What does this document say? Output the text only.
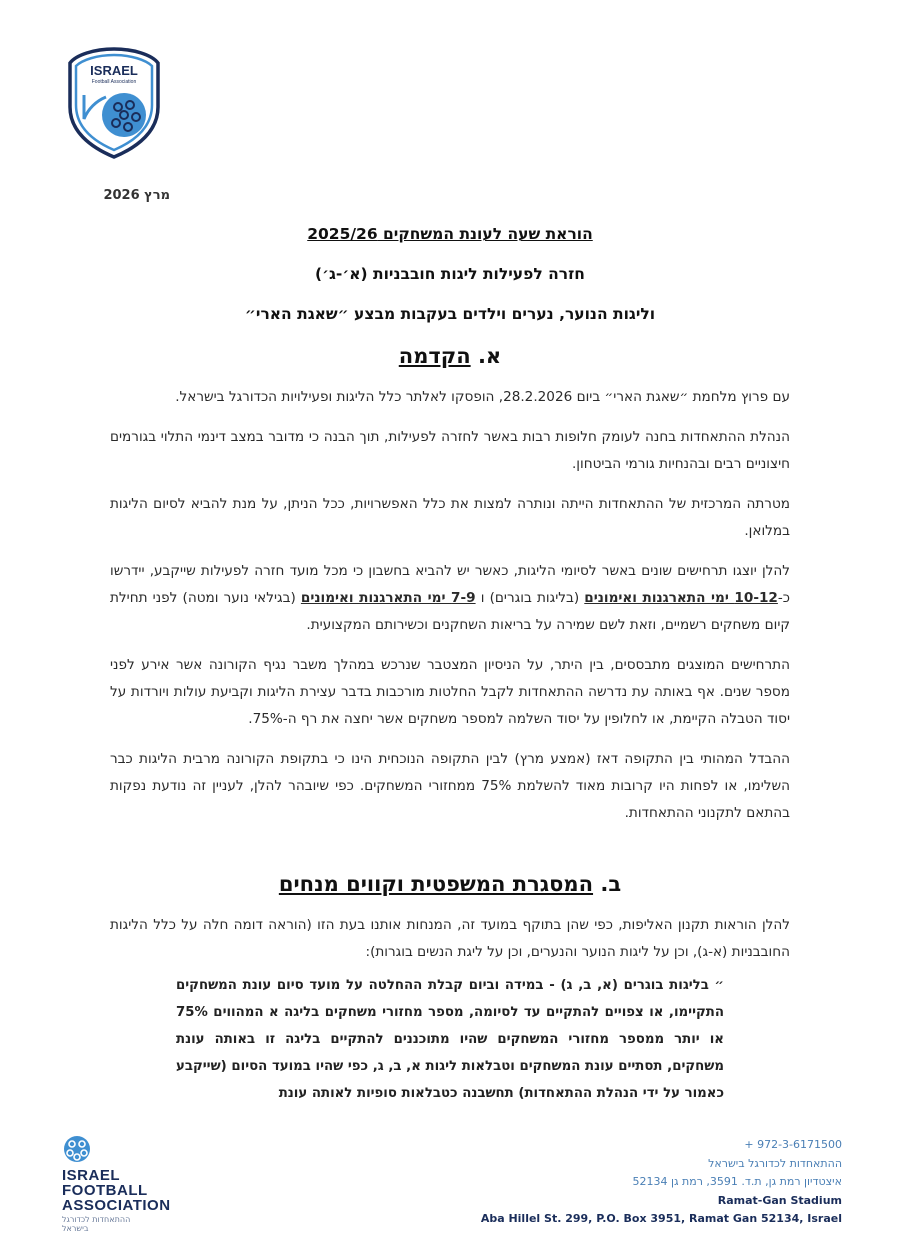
ISRAEL
Football Association
מרץ 2026
הוראת שעה לעונת המשחקים 2025/26
חזרה לפעילות ליגות חובבניות (א׳-ג׳)
וליגות הנוער, נערים וילדים בעקבות מבצע ״שאגת הארי״
א. הקדמה

עם פרוץ מלחמת ״שאגת הארי״ ביום 28.2.2026, הופסקו לאלתר כלל הליגות ופעילויות הכדורגל בישראל.

הנהלת ההתאחדות בחנה לעומק חלופות רבות באשר לחזרה לפעילות, תוך הבנה כי מדובר במצב דינמי התלוי בגורמים חיצוניים רבים ובהנחיות גורמי הביטחון.

מטרתה המרכזית של ההתאחדות הייתה ונותרה למצות את כלל האפשרויות, ככל הניתן, על מנת להביא לסיום הליגות במלואן.

להלן יוצגו תרחישים שונים באשר לסיומי הליגות, כאשר יש להביא בחשבון כי מכל מועד חזרה לפעילות שייקבע, יידרשו כ-10-12 ימי התארגנות ואימונים (בליגות בוגרים) ו 7-9 ימי התארגנות ואימונים (בגילאי נוער ומטה) לפני תחילת קיום משחקים רשמיים, וזאת לשם שמירה על בריאות השחקנים וכשירותם המקצועית.

התרחישים המוצגים מתבססים, בין היתר, על הניסיון המצטבר שנרכש במהלך משבר נגיף הקורונה אשר אירע לפני מספר שנים. אף באותה עת נדרשה ההתאחדות לקבל החלטות מורכבות בדבר עצירת הליגות וקביעת עולות ויורדות על יסוד הטבלה הקיימת, או לחלופין על יסוד השלמה למספר משחקים אשר יחצה את רף ה-75%.

ההבדל המהותי בין התקופה דאז (אמצע מרץ) לבין התקופה הנוכחית הינו כי בתקופת הקורונה מרבית הליגות כבר השלימו, או לפחות היו קרובות מאוד להשלמת 75% ממחזורי המשחקים. כפי שיובהר להלן, לעניין זה נודעת נפקות בהתאם לתקנוני ההתאחדות.

ב. המסגרת המשפטית וקווים מנחים

להלן הוראות תקנון האליפות, כפי שהן בתוקף במועד זה, המנחות אותנו בעת הזו (הוראה דומה חלה על כלל הליגות החובבניות (א-ג), וכן על ליגות הנוער והנערים, וכן על ליגת הנשים בוגרות):

״ בליגות בוגרים (א, ב, ג) - במידה וביום קבלת ההחלטה על מועד סיום עונת המשחקים התקיימו, או צפויים להתקיים עד לסיומה, מספר מחזורי משחקים בליגה א המהווים 75% או יותר ממספר מחזורי המשחקים שהיו מתוכננים להתקיים בליגה זו באותה עונת משחקים, תסתיים עונת המשחקים וטבלאות ליגות א, ב, ג, כפי שהיו במועד הסיום (שייקבע כאמור על ידי הנהלת ההתאחדות) תחשבנה כטבלאות סופיות לאותה עונת
ISRAEL
FOOTBALL
ASSOCIATION
ההתאחדות לכדורגל בישראל
+ 972-3-6171500
ההתאחדות לכדורגל בישראל
איצטדיון רמת גן, ת.ד. 3591, רמת גן 52134
Ramat-Gan Stadium
Aba Hillel St. 299, P.O. Box 3951, Ramat Gan 52134, Israel
